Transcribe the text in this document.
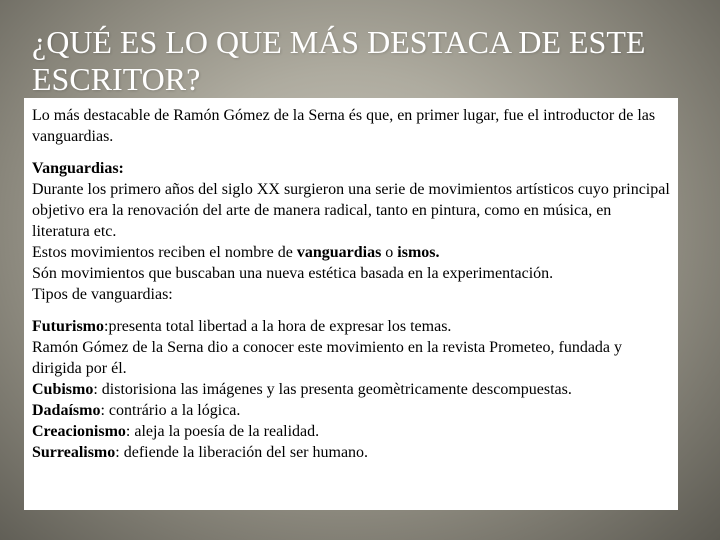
¿QUÉ ES LO QUE MÁS DESTACA DE ESTE ESCRITOR?

Lo más destacable de Ramón Gómez de la Serna és que, en primer lugar, fue el introductor de las vanguardias.

Vanguardias:

Durante los primero años del siglo XX surgieron una serie de movimientos artísticos cuyo principal objetivo era la renovación del arte de manera radical, tanto en pintura, como en música, en literatura etc.

Estos movimientos reciben el nombre de vanguardias o ismos.

Són movimientos que buscaban una nueva estética basada en la experimentación.

Tipos de vanguardias:

Futurismo:presenta total libertad a la hora de expresar los temas.

Ramón Gómez de la Serna dio a conocer este movimiento en la revista Prometeo, fundada y dirigida por él.

Cubismo: distorisiona las imágenes y las presenta geomètricamente descompuestas.

Dadaísmo: contrário a la lógica.

Creacionismo: aleja la poesía de la realidad.

Surrealismo: defiende la liberación del ser humano.
